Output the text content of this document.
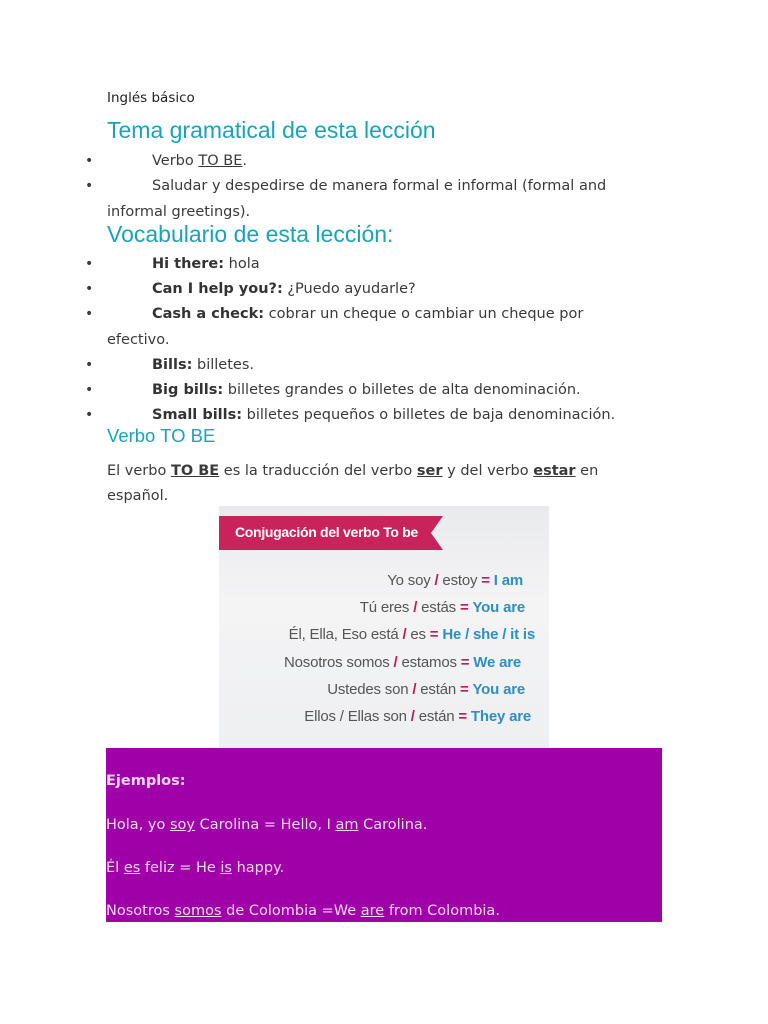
Inglés básico
Tema gramatical de esta lección
•	Verbo TO BE.
•	Saludar y despedirse de manera formal e informal (formal and
informal greetings).
Vocabulario de esta lección:
•	Hi there: hola
•	Can I help you?: ¿Puedo ayudarle?
•	Cash a check: cobrar un cheque o cambiar un cheque por
efectivo.
•	Bills: billetes.
•	Big bills: billetes grandes o billetes de alta denominación.
•	Small bills: billetes pequeños o billetes de baja denominación.
Verbo TO BE
El verbo TO BE es la traducción del verbo ser y del verbo estar en
español.
Conjugación del verbo To be
Yo soy / estoy = I am
Tú eres / estás = You are
Él, Ella, Eso está / es = He / she / it is
Nosotros somos / estamos = We are
Ustedes son / están = You are
Ellos / Ellas son / están = They are
Ejemplos:
Hola, yo soy Carolina = Hello, I am Carolina.
Él es feliz = He is happy.
Nosotros somos de Colombia =We are from Colombia.
